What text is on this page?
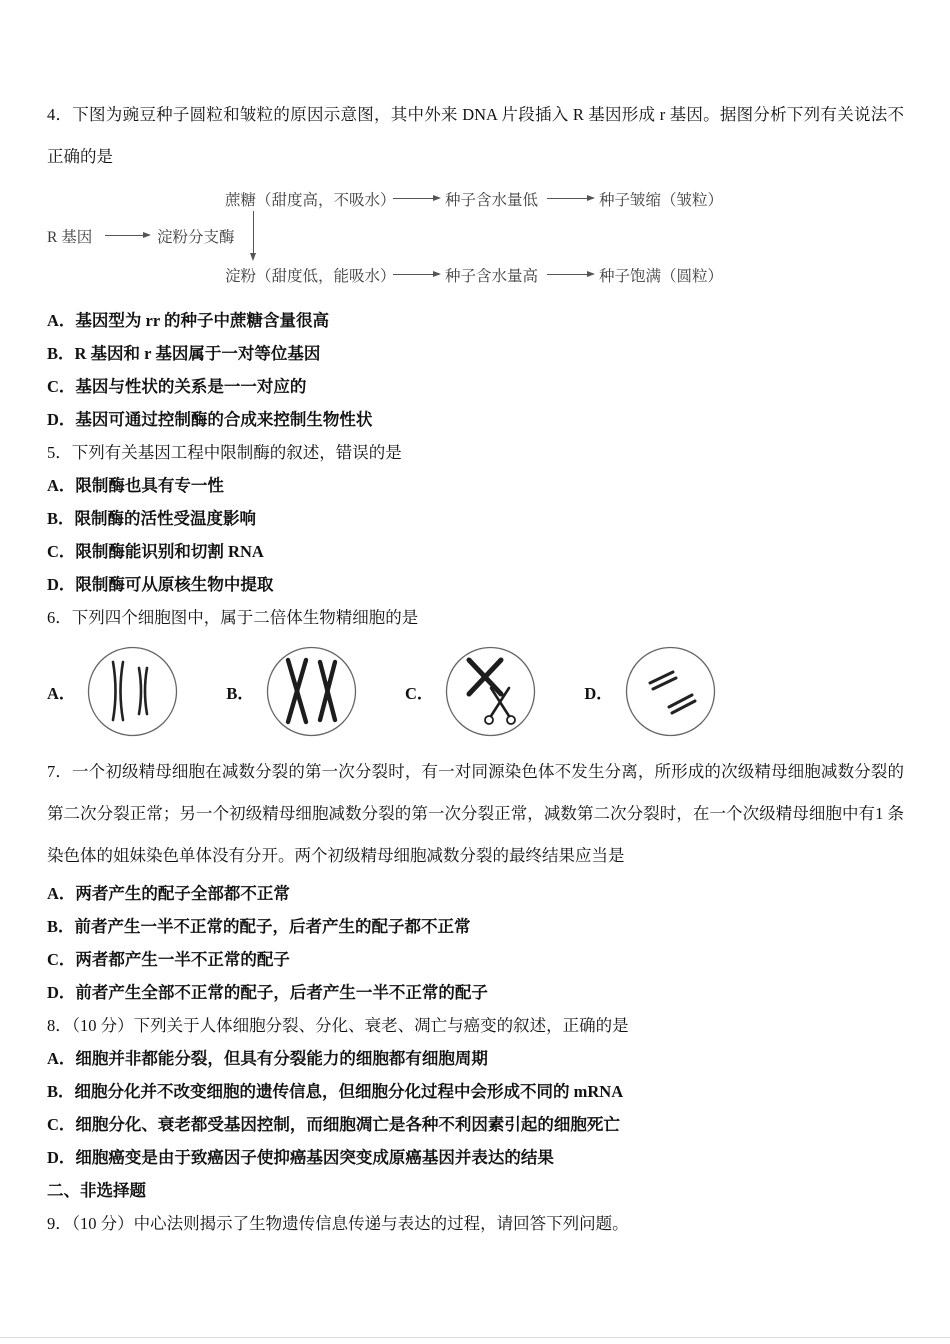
4．下图为豌豆种子圆粒和皱粒的原因示意图，其中外来 DNA 片段插入 R 基因形成 r 基因。据图分析下列有关说法不正确的是

蔗糖（甜度高，不吸水）	种子含水量低	种子皱缩（皱粒）
R 基因	淀粉分支酶
淀粉（甜度低，能吸水）	种子含水量高	种子饱满（圆粒）

A．基因型为 rr 的种子中蔗糖含量很高

B．R 基因和 r 基因属于一对等位基因

C．基因与性状的关系是一一对应的

D．基因可通过控制酶的合成来控制生物性状

5．下列有关基因工程中限制酶的叙述，错误的是

A．限制酶也具有专一性

B．限制酶的活性受温度影响

C．限制酶能识别和切割 RNA

D．限制酶可从原核生物中提取

6．下列四个细胞图中，属于二倍体生物精细胞的是

A．	B．	C．	D．

7．一个初级精母细胞在减数分裂的第一次分裂时，有一对同源染色体不发生分离，所形成的次级精母细胞减数分裂的第二次分裂正常；另一个初级精母细胞减数分裂的第一次分裂正常，减数第二次分裂时，在一个次级精母细胞中有1 条染色体的姐妹染色单体没有分开。两个初级精母细胞减数分裂的最终结果应当是

A．两者产生的配子全部都不正常

B．前者产生一半不正常的配子，后者产生的配子都不正常

C．两者都产生一半不正常的配子

D．前者产生全部不正常的配子，后者产生一半不正常的配子

8．（10 分）下列关于人体细胞分裂、分化、衰老、凋亡与癌变的叙述，正确的是

A．细胞并非都能分裂，但具有分裂能力的细胞都有细胞周期

B．细胞分化并不改变细胞的遗传信息，但细胞分化过程中会形成不同的 mRNA

C．细胞分化、衰老都受基因控制，而细胞凋亡是各种不利因素引起的细胞死亡

D．细胞癌变是由于致癌因子使抑癌基因突变成原癌基因并表达的结果

二、非选择题

9．（10 分）中心法则揭示了生物遗传信息传递与表达的过程，请回答下列问题。
